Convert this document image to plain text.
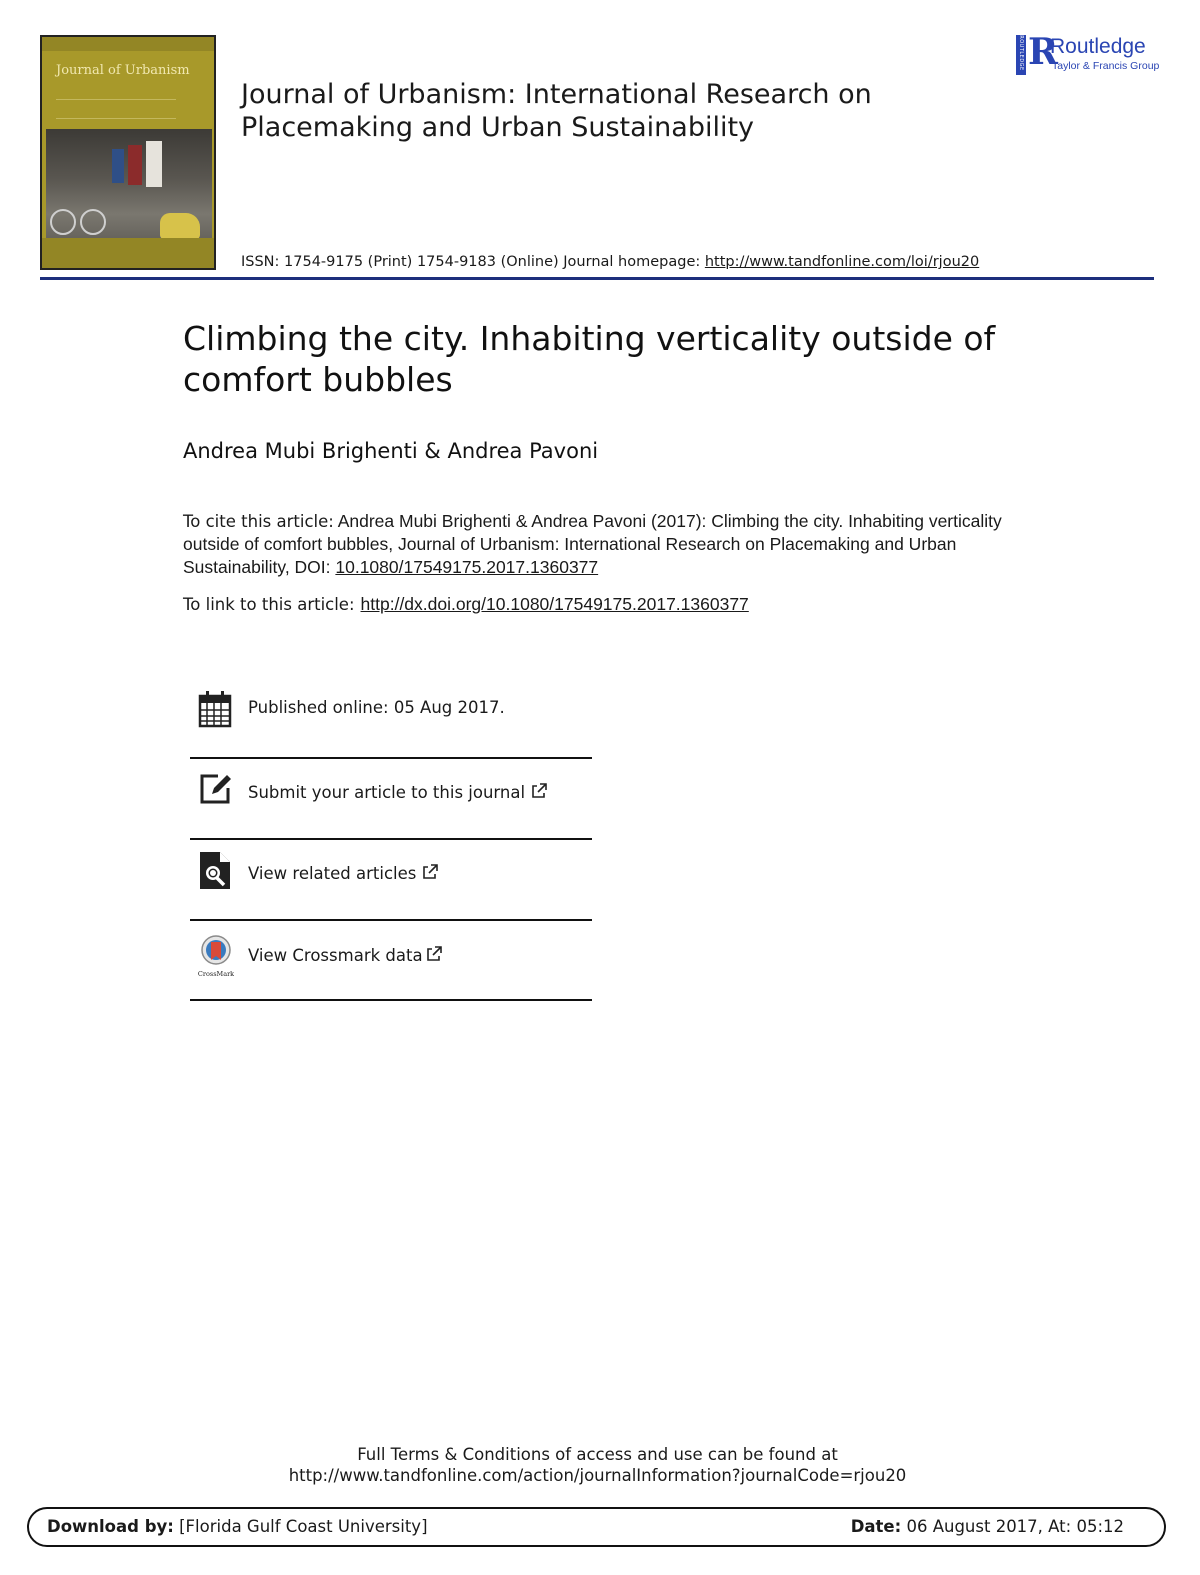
Journal of Urbanism
Journal of Urbanism: International Research on
Placemaking and Urban Sustainability
ROUTLEDGE R
Routledge
Taylor & Francis Group
ISSN: 1754-9175 (Print) 1754-9183 (Online) Journal homepage: http://www.tandfonline.com/loi/rjou20
Climbing the city. Inhabiting verticality outside of
comfort bubbles
Andrea Mubi Brighenti & Andrea Pavoni

To cite this article: Andrea Mubi Brighenti & Andrea Pavoni (2017): Climbing the city. Inhabiting verticality outside of comfort bubbles, Journal of Urbanism: International Research on Placemaking and Urban Sustainability, DOI: 10.1080/17549175.2017.1360377

To link to this article: http://dx.doi.org/10.1080/17549175.2017.1360377
Published online: 05 Aug 2017.
Submit your article to this journal
View related articles
CrossMark
View Crossmark data
Full Terms & Conditions of access and use can be found at
http://www.tandfonline.com/action/journalInformation?journalCode=rjou20
Download by: [Florida Gulf Coast University]	Date: 06 August 2017, At: 05:12
